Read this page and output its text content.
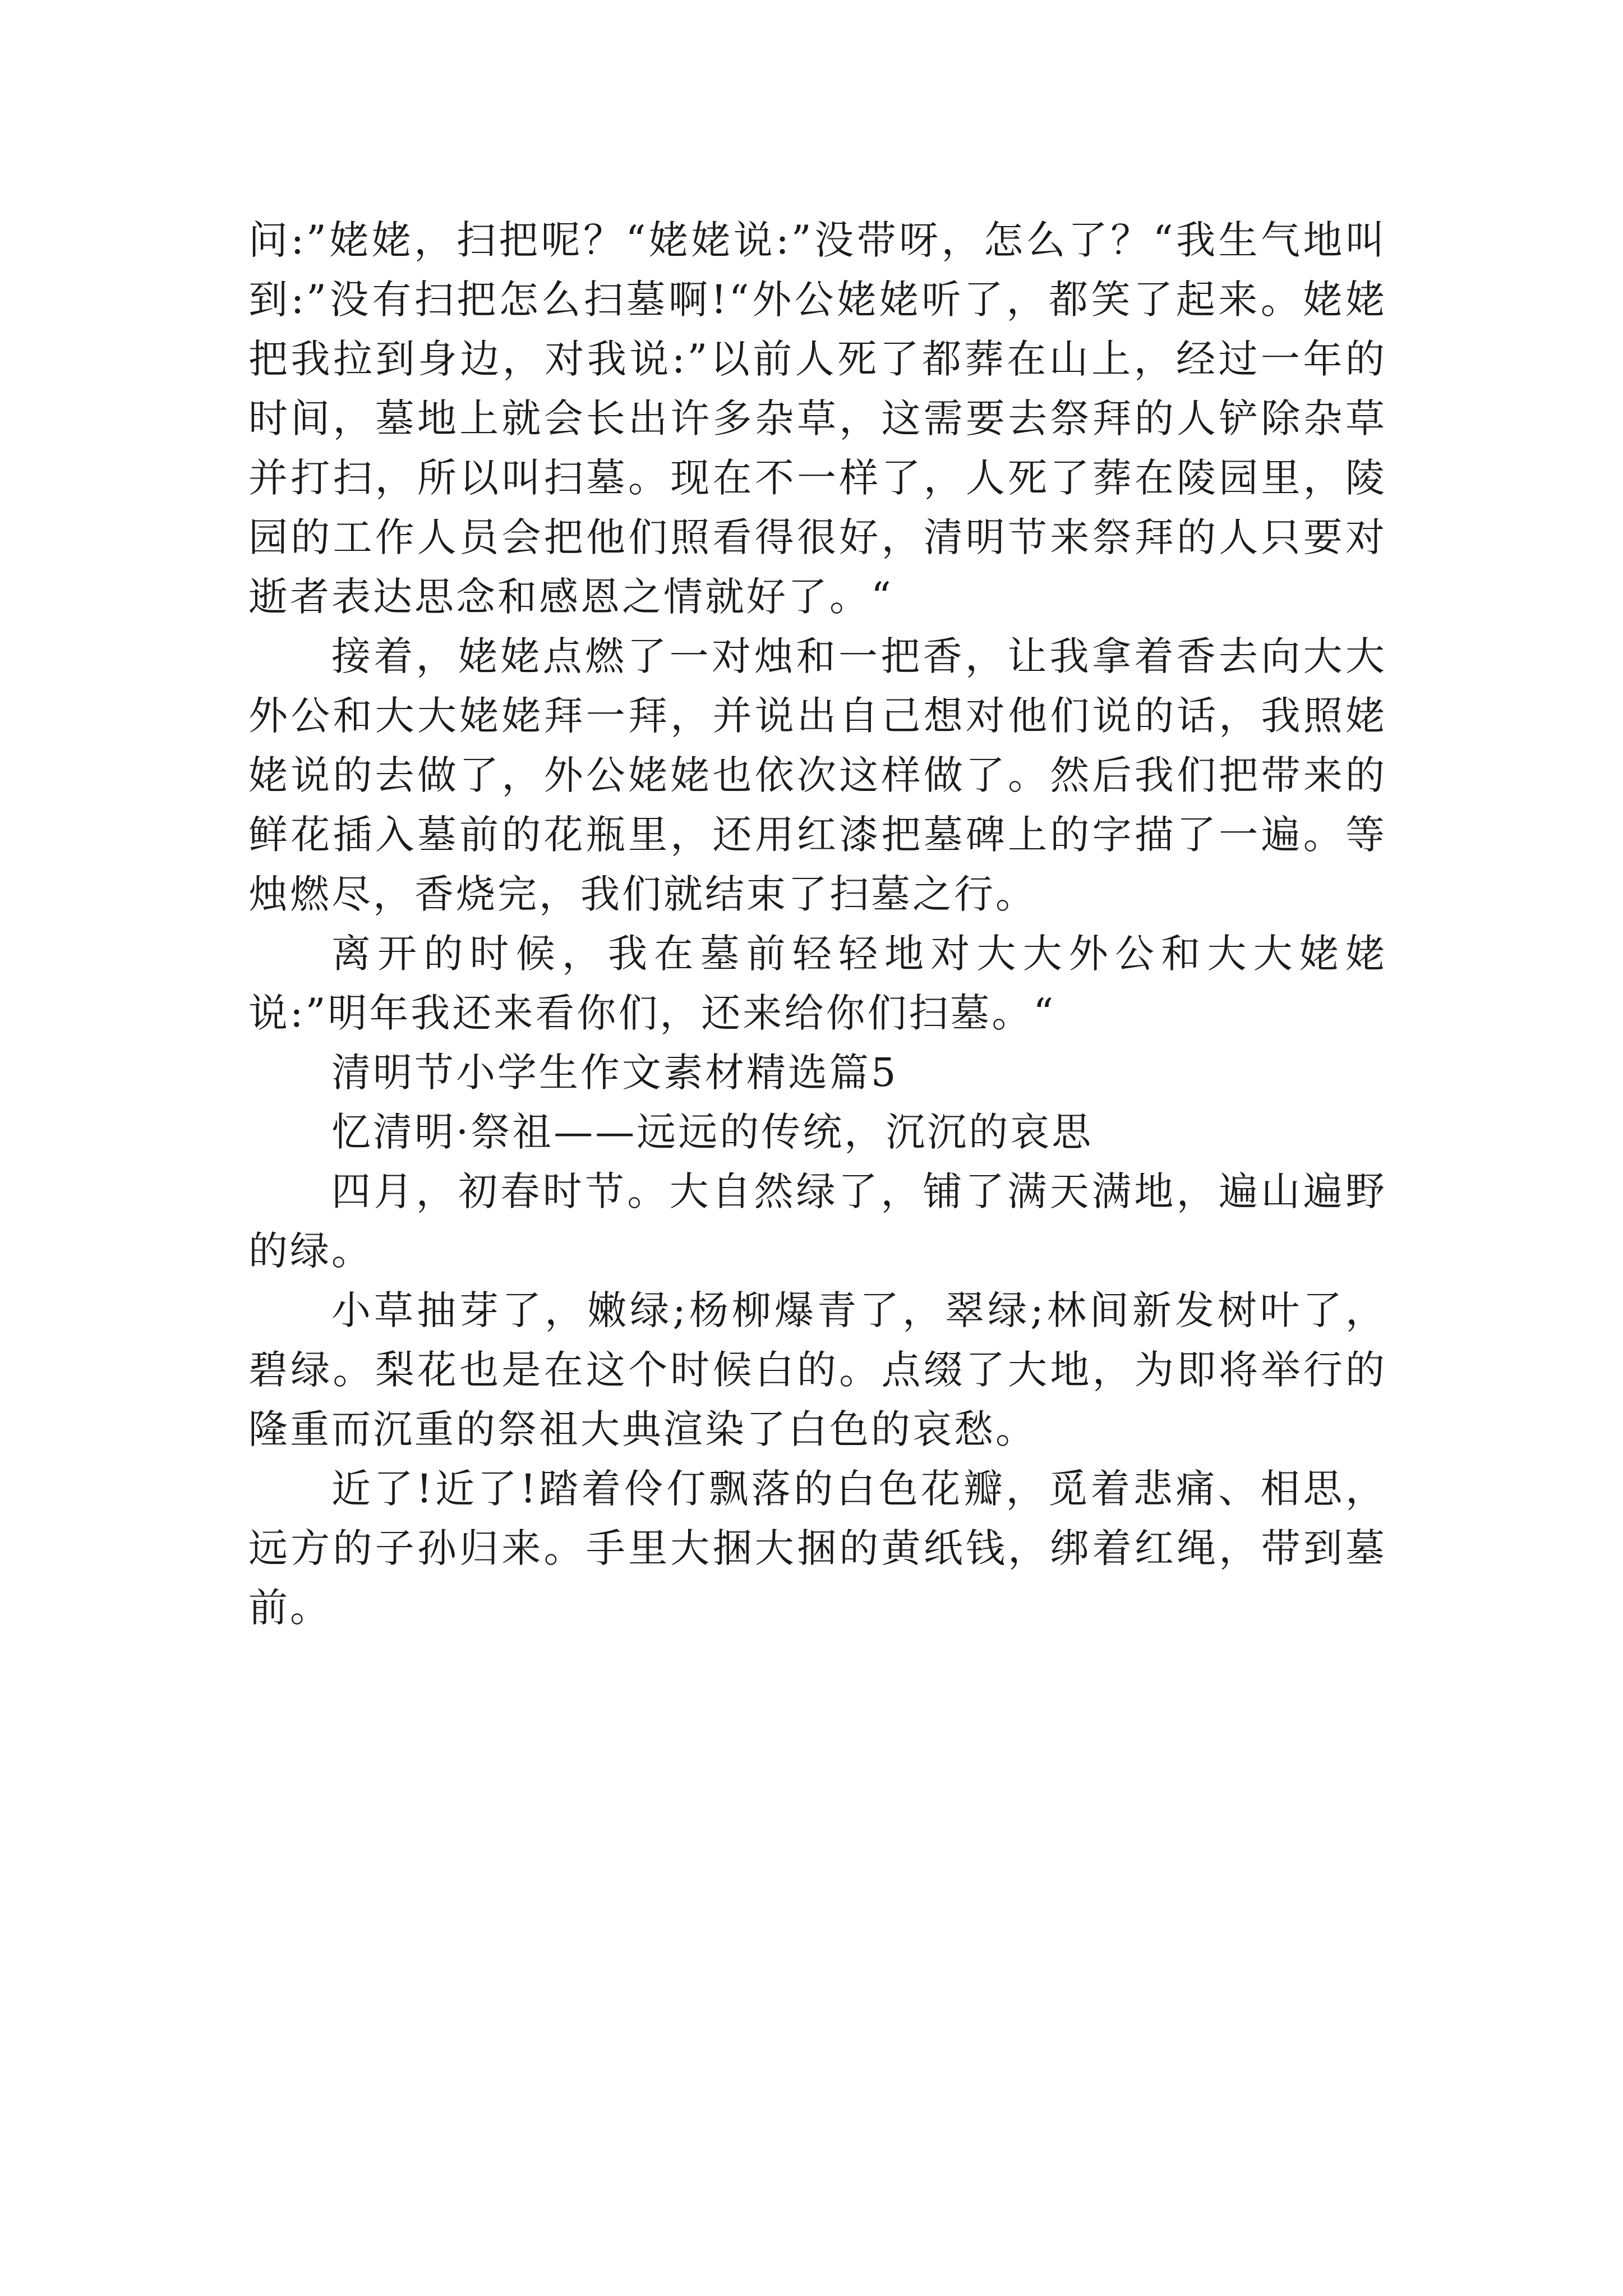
问:”姥姥，扫把呢？“姥姥说:”没带呀，怎么了？“我生气地叫到:”没有扫把怎么扫墓啊!“外公姥姥听了，都笑了起来。姥姥把我拉到身边，对我说:”以前人死了都葬在山上，经过一年的时间，墓地上就会长出许多杂草，这需要去祭拜的人铲除杂草并打扫，所以叫扫墓。现在不一样了，人死了葬在陵园里，陵园的工作人员会把他们照看得很好，清明节来祭拜的人只要对逝者表达思念和感恩之情就好了。“

接着，姥姥点燃了一对烛和一把香，让我拿着香去向大大外公和大大姥姥拜一拜，并说出自己想对他们说的话，我照姥姥说的去做了，外公姥姥也依次这样做了。然后我们把带来的鲜花插入墓前的花瓶里，还用红漆把墓碑上的字描了一遍。等烛燃尽，香烧完，我们就结束了扫墓之行。

离开的时候，我在墓前轻轻地对大大外公和大大姥姥说:”明年我还来看你们，还来给你们扫墓。“

清明节小学生作文素材精选篇5

忆清明·祭祖——远远的传统，沉沉的哀思

四月，初春时节。大自然绿了，铺了满天满地，遍山遍野的绿。

小草抽芽了，嫩绿;杨柳爆青了，翠绿;林间新发树叶了，碧绿。梨花也是在这个时候白的。点缀了大地，为即将举行的隆重而沉重的祭祖大典渲染了白色的哀愁。

近了!近了!踏着伶仃飘落的白色花瓣，觅着悲痛、相思，远方的子孙归来。手里大捆大捆的黄纸钱，绑着红绳，带到墓前。
